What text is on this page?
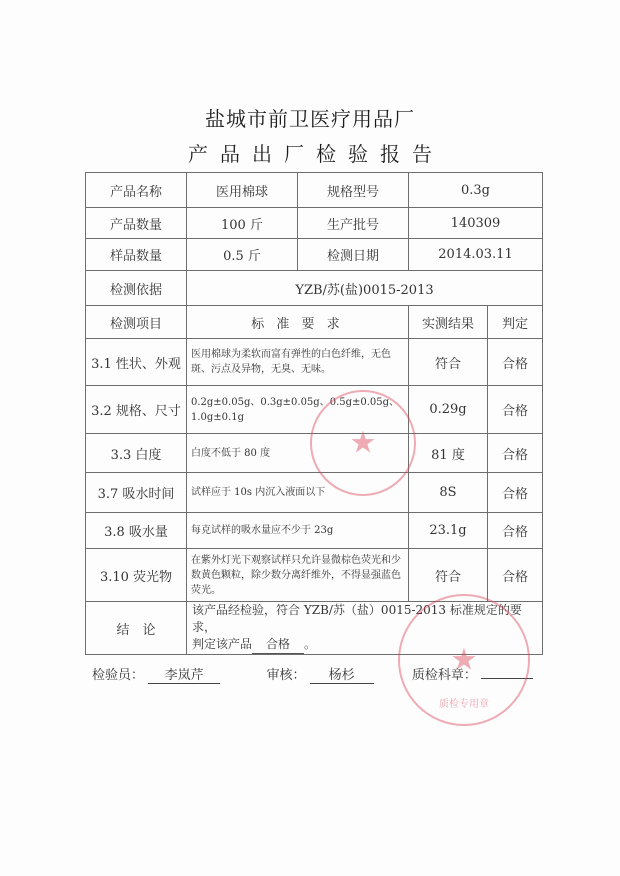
盐城市前卫医疗用品厂
产品出厂检验报告
产品名称	医用棉球	规格型号	0.3g	
产品数量	100 斤	生产批号	140309	
样品数量	0.5 斤	检测日期	2014.03.11	
检测依据	YZB/苏(盐)0015-2013			
检测项目	标 准 要 求		实测结果	判定
3.1 性状、外观	医用棉球为柔软而富有弹性的白色纤维，无色斑、污点及异物，无臭、无味。		符合	合格
3.2 规格、尺寸	0.2g±0.05g、0.3g±0.05g、0.5g±0.05g、1.0g±0.1g		0.29g	合格
3.3 白度	白度不低于 80 度		81 度	合格
3.7 吸水时间	试样应于 10s 内沉入液面以下		8S	合格
3.8 吸水量	每克试样的吸水量应不少于 23g		23.1g	合格
3.10 荧光物	在紫外灯光下观察试样只允许显微棕色荧光和少数黄色颗粒，除少数分离纤维外，不得显强蓝色荧光。		符合	合格
结　论	该产品经检验，符合 YZB/苏（盐）0015-2013 标准规定的要求，
判定该产品 合格 。			
检验员： 李岚芹	审核： 杨杉	质检科章：
★
★
质检专用章
